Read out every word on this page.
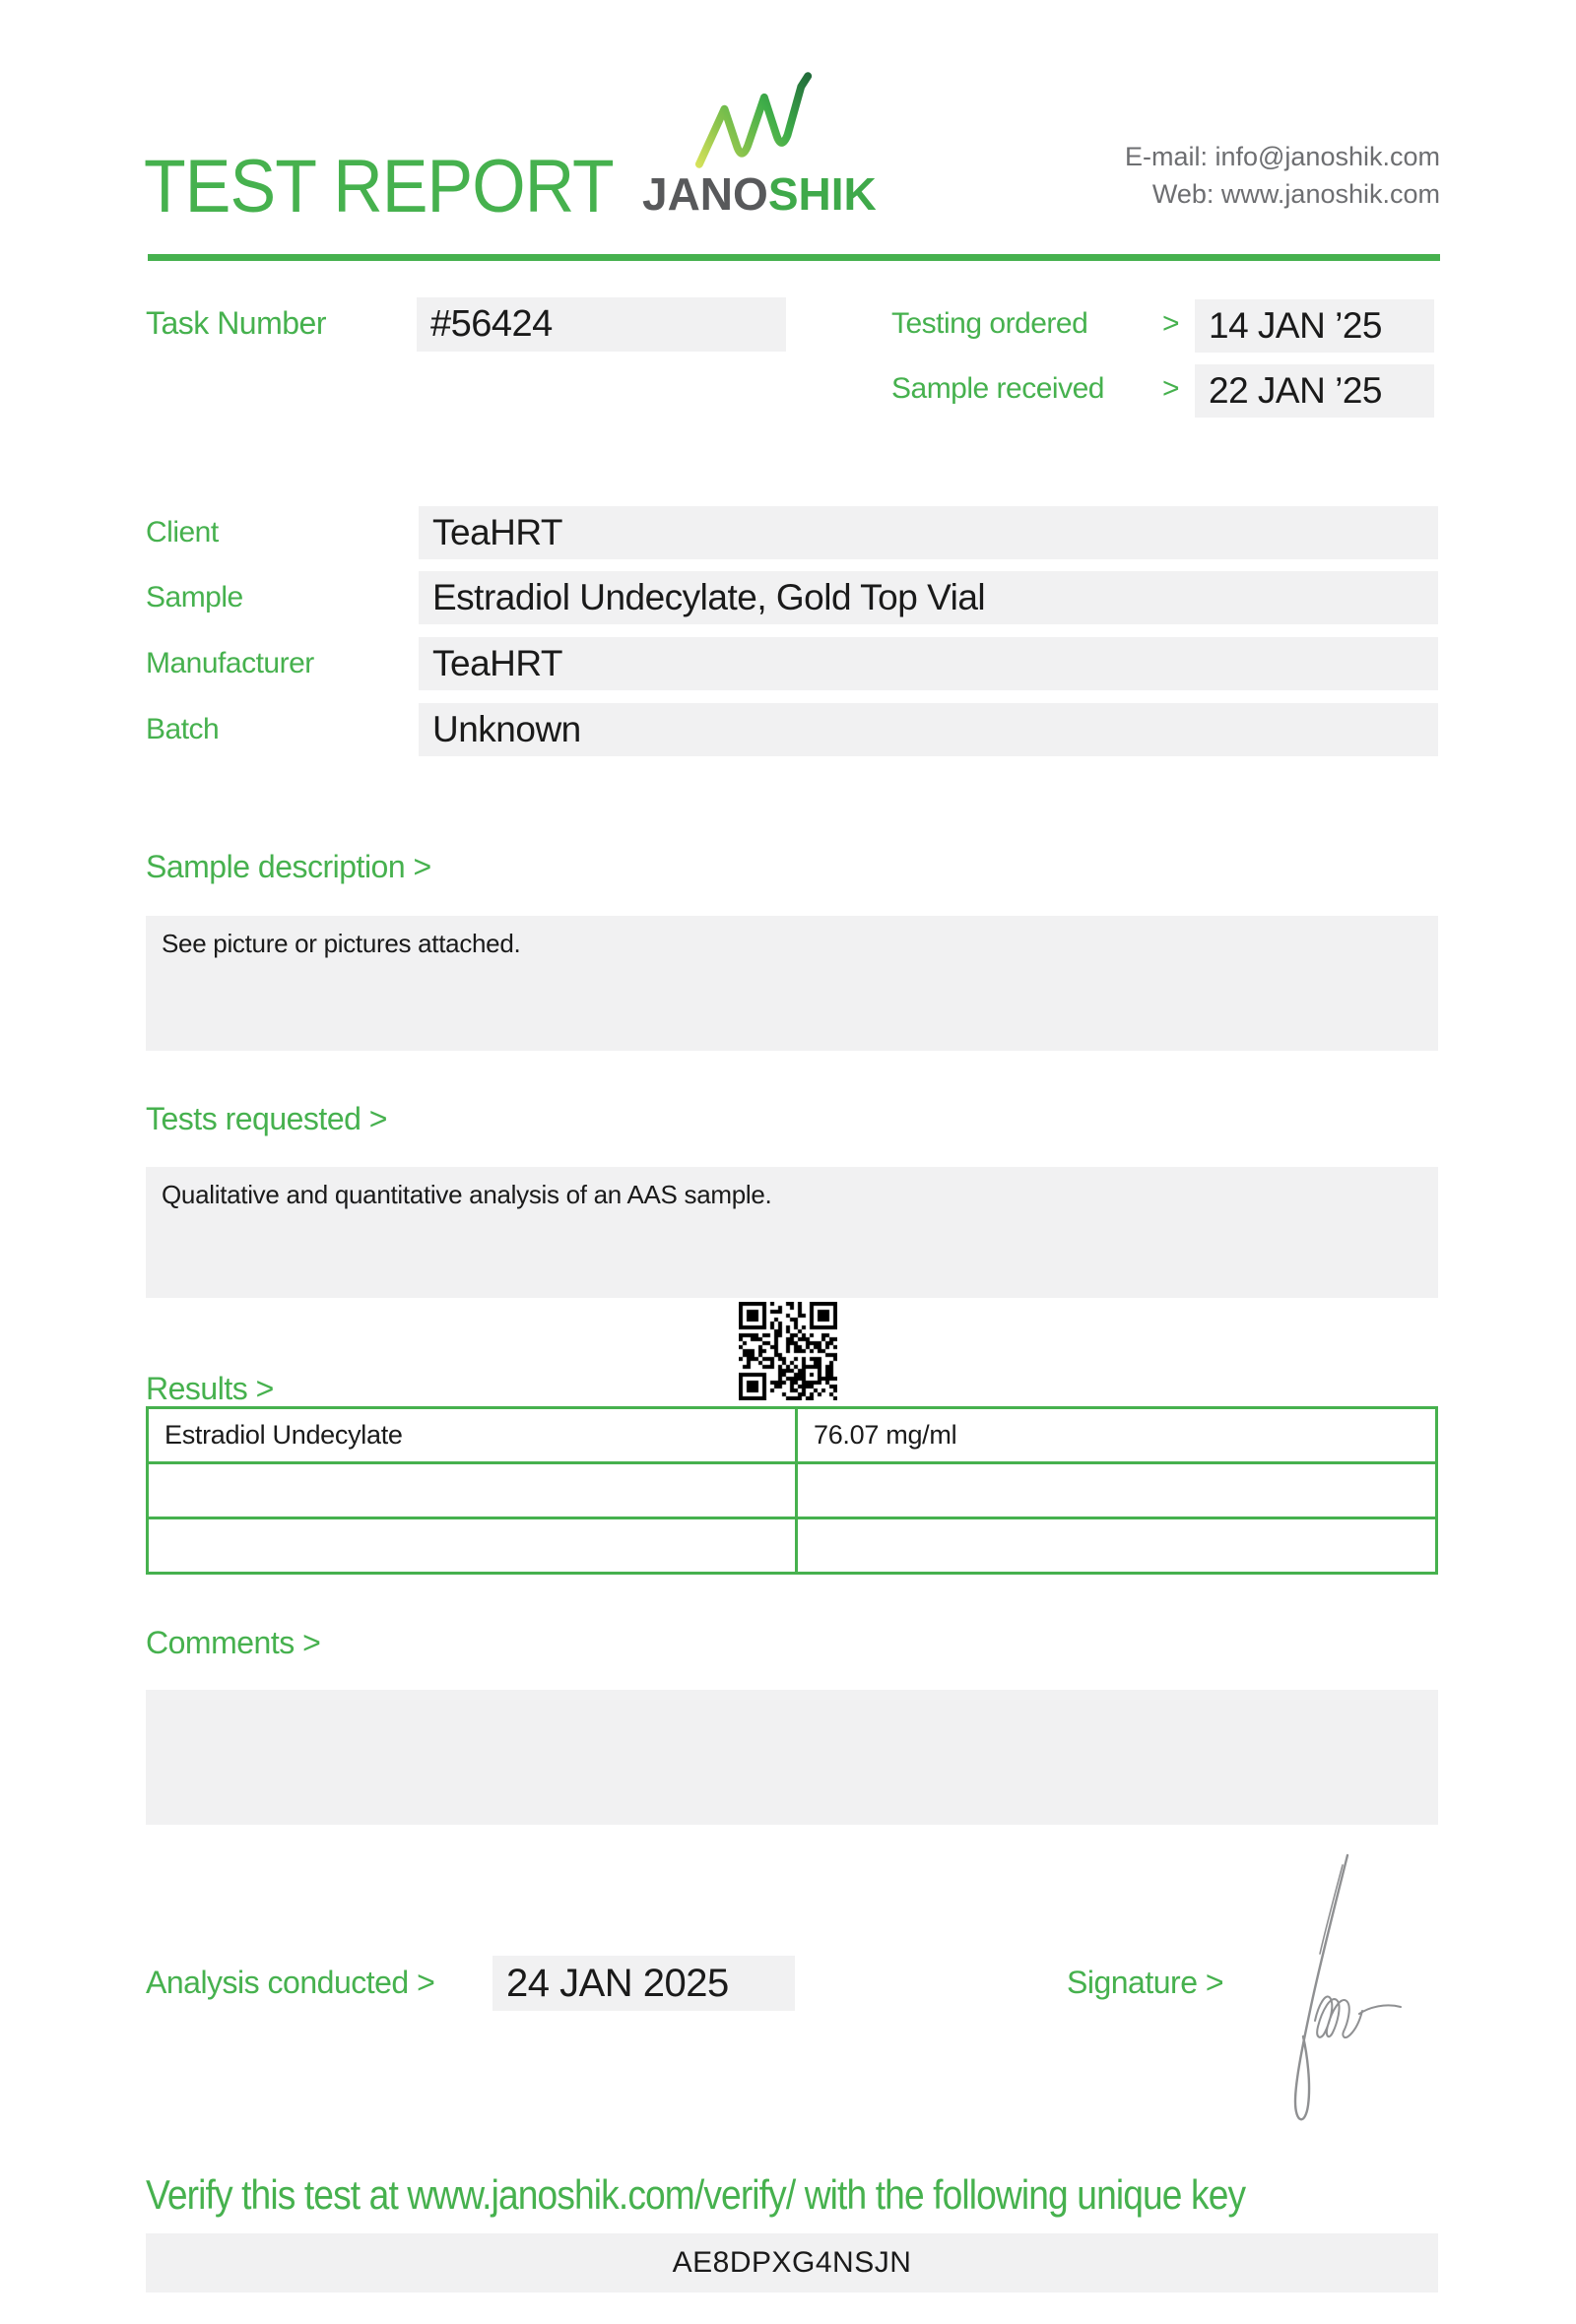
TEST REPORT JANOSHIK
E-mail: info@janoshik.com
Web: www.janoshik.com
Task Number	#56424	Testing ordered	> 14 JAN ’25
Sample received > 22 JAN ’25
Client	TeaHRT
Sample	Estradiol Undecylate, Gold Top Vial
Manufacturer	TeaHRT
Batch	Unknown
Sample description >
See picture or pictures attached.
Tests requested >
Qualitative and quantitative analysis of an AAS sample.
Results >
Estradiol Undecylate	76.07 mg/ml

Comments >
Analysis conducted >	24 JAN 2025	Signature >
Verify this test at www.janoshik.com/verify/ with the following unique key
AE8DPXG4NSJN
